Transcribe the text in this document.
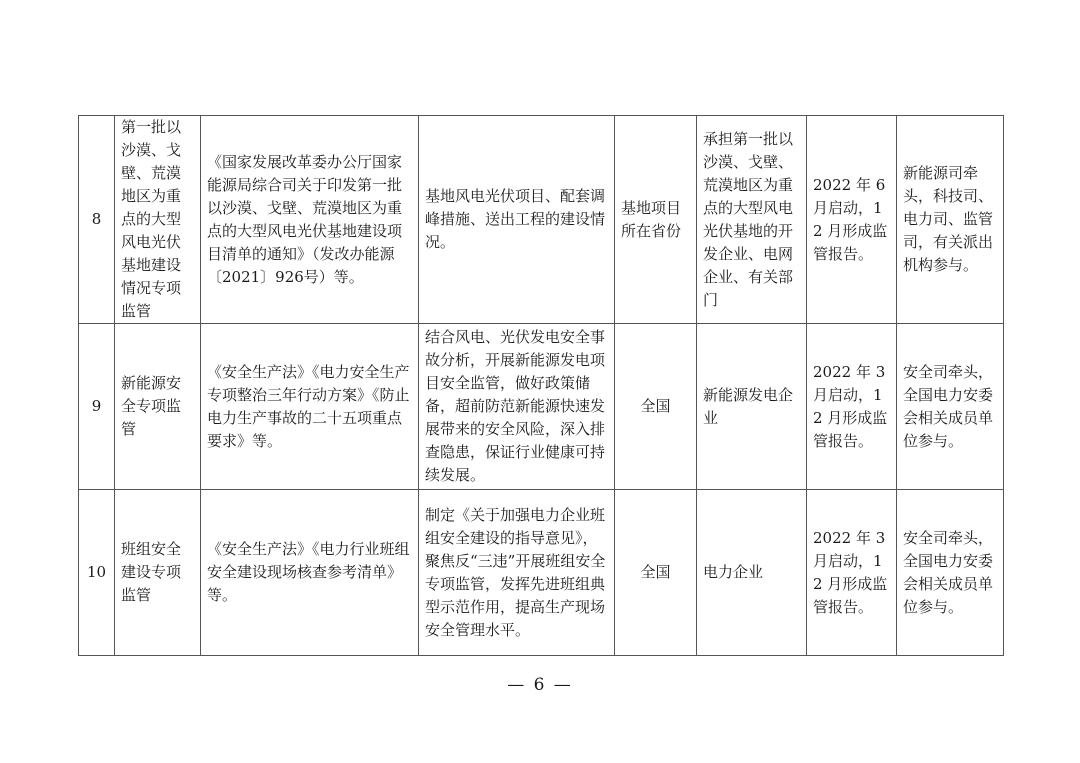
8	第一批以沙漠、戈壁、荒漠地区为重点的大型风电光伏基地建设情况专项监管	《国家发展改革委办公厅国家能源局综合司关于印发第一批以沙漠、戈壁、荒漠地区为重点的大型风电光伏基地建设项目清单的通知》（发改办能源〔2021〕926号）等。	基地风电光伏项目、配套调峰措施、送出工程的建设情况。	基地项目所在省份	承担第一批以沙漠、戈壁、荒漠地区为重点的大型风电光伏基地的开发企业、电网企业、有关部门	2022 年 6 月启动，12 月形成监管报告。	新能源司牵头，科技司、电力司、监管司，有关派出机构参与。
9	新能源安全专项监管	《安全生产法》《电力安全生产专项整治三年行动方案》《防止电力生产事故的二十五项重点要求》等。	结合风电、光伏发电安全事故分析，开展新能源发电项目安全监管，做好政策储备，超前防范新能源快速发展带来的安全风险，深入排查隐患，保证行业健康可持续发展。	全国	新能源发电企业	2022 年 3 月启动，12 月形成监管报告。	安全司牵头，全国电力安委会相关成员单位参与。
10	班组安全建设专项监管	《安全生产法》《电力行业班组安全建设现场核查参考清单》等。	制定《关于加强电力企业班组安全建设的指导意见》，聚焦反“三违”开展班组安全专项监管，发挥先进班组典型示范作用，提高生产现场安全管理水平。	全国	电力企业	2022 年 3 月启动，12 月形成监管报告。	安全司牵头，全国电力安委会相关成员单位参与。
— 6 —
